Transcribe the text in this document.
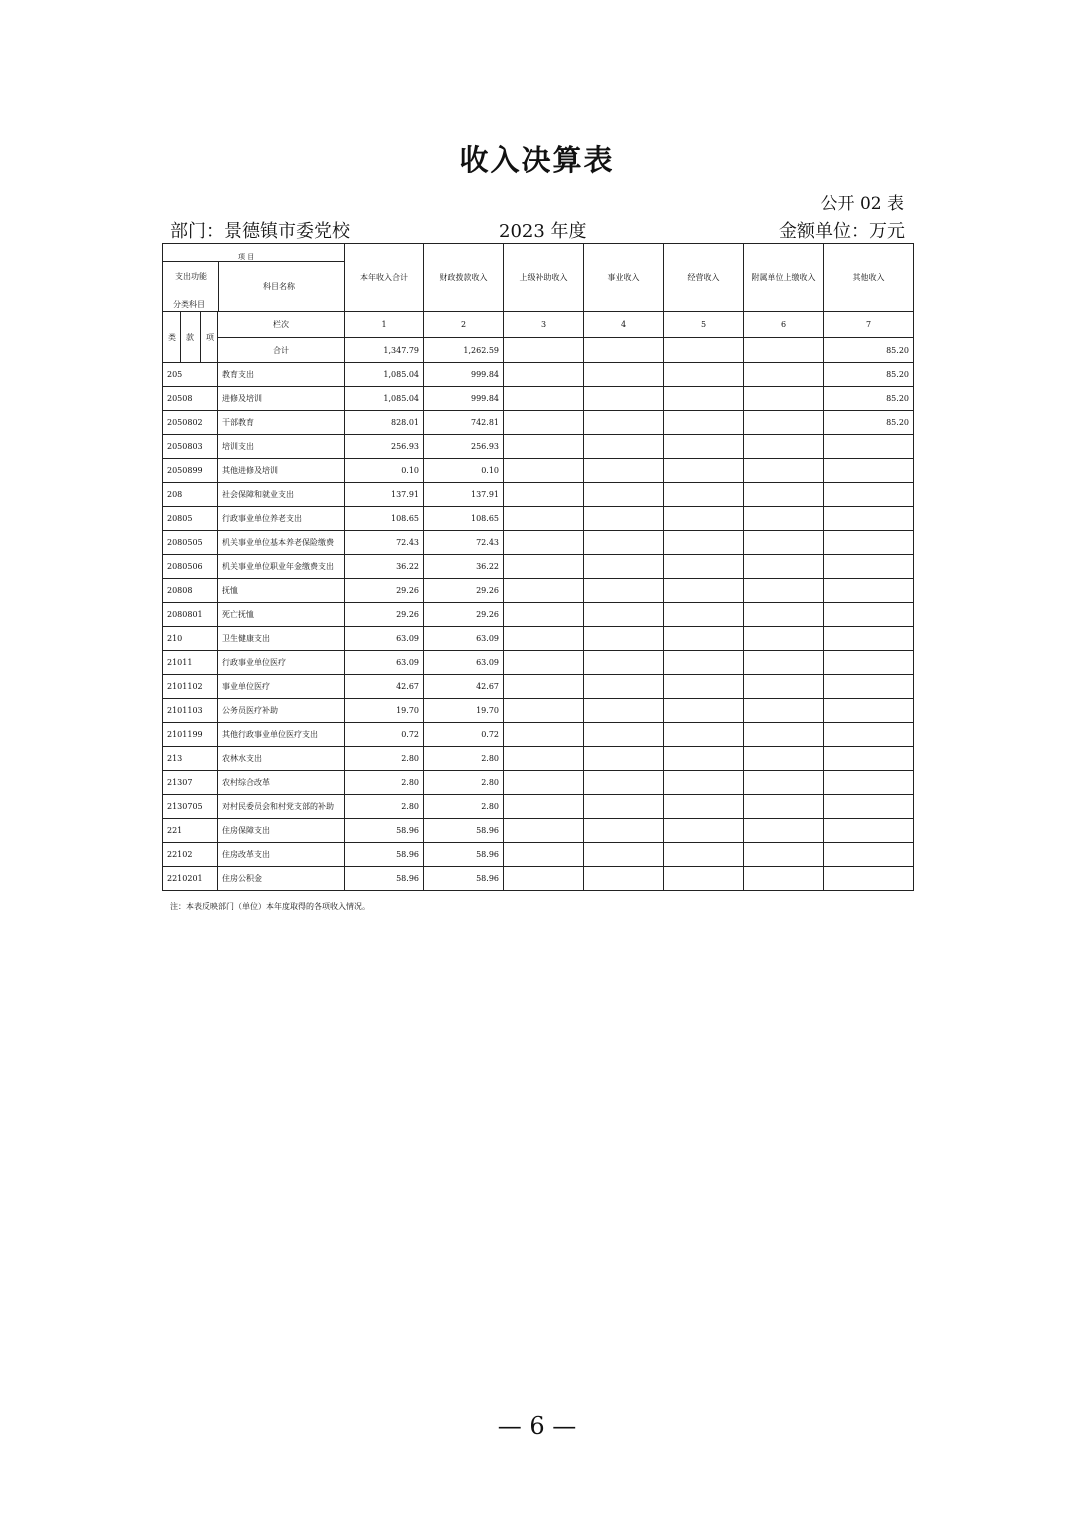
收入决算表
公开 02 表
部门：景德镇市委党校	2023 年度	金额单位：万元
项 目
支出功能
分类科目
科目名称		本年收入合计	财政拨款收入	上级补助收入	事业收入	经营收入	附属单位上缴收入	其他收入

类 款 项	栏次	1	2	3	4	5	6	7
	合计	1,347.79	1,262.59					85.20
205	教育支出	1,085.04	999.84					85.20
20508	进修及培训	1,085.04	999.84					85.20
2050802	干部教育	828.01	742.81					85.20
2050803	培训支出	256.93	256.93					
2050899	其他进修及培训	0.10	0.10					
208	社会保障和就业支出	137.91	137.91					
20805	行政事业单位养老支出	108.65	108.65					
2080505	机关事业单位基本养老保险缴费	72.43	72.43					
2080506	机关事业单位职业年金缴费支出	36.22	36.22					
20808	抚恤	29.26	29.26					
2080801	死亡抚恤	29.26	29.26					
210	卫生健康支出	63.09	63.09					
21011	行政事业单位医疗	63.09	63.09					
2101102	事业单位医疗	42.67	42.67					
2101103	公务员医疗补助	19.70	19.70					
2101199	其他行政事业单位医疗支出	0.72	0.72					
213	农林水支出	2.80	2.80					
21307	农村综合改革	2.80	2.80					
2130705	对村民委员会和村党支部的补助	2.80	2.80					
221	住房保障支出	58.96	58.96					
22102	住房改革支出	58.96	58.96					
2210201	住房公积金	58.96	58.96					
注：本表反映部门（单位）本年度取得的各项收入情况。
— 6 —
